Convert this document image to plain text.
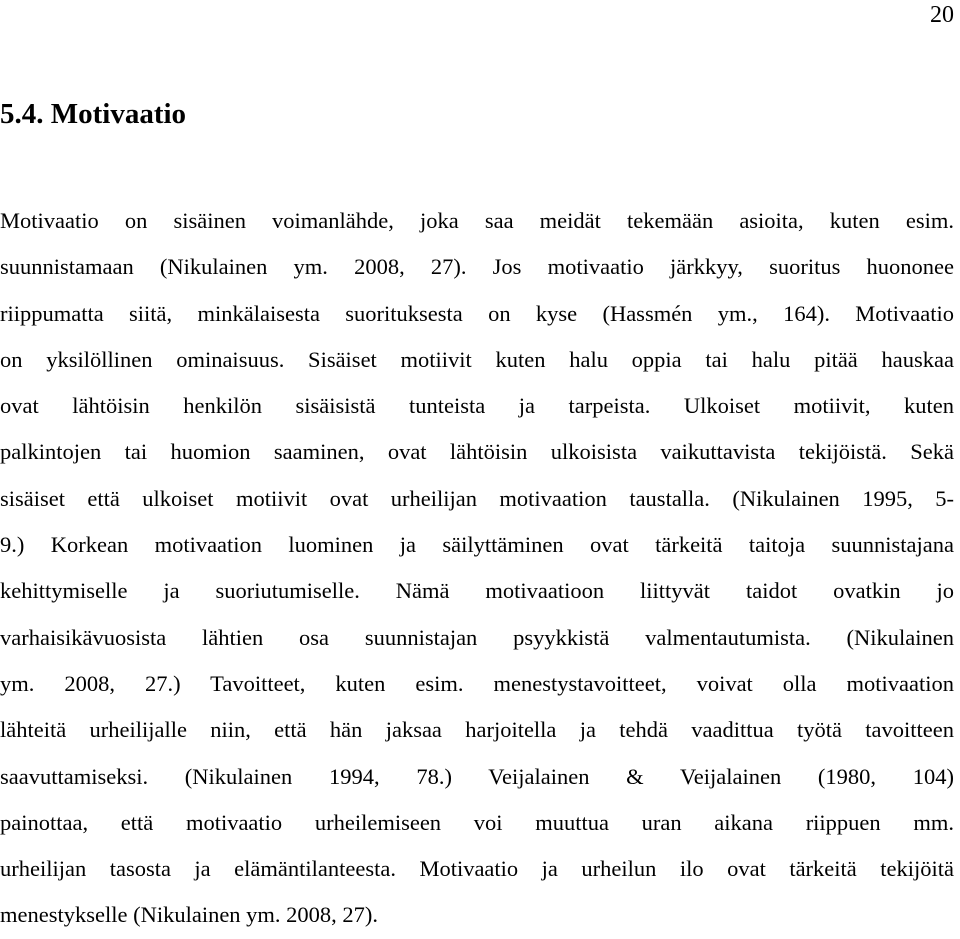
20
5.4. Motivaatio
Motivaatio on sisäinen voimanlähde, joka saa meidät tekemään asioita, kuten esim.
suunnistamaan (Nikulainen ym. 2008, 27). Jos motivaatio järkkyy, suoritus huononee
riippumatta siitä, minkälaisesta suorituksesta on kyse (Hassmén ym., 164). Motivaatio
on yksilöllinen ominaisuus. Sisäiset motiivit kuten halu oppia tai halu pitää hauskaa
ovat lähtöisin henkilön sisäisistä tunteista ja tarpeista. Ulkoiset motiivit, kuten
palkintojen tai huomion saaminen, ovat lähtöisin ulkoisista vaikuttavista tekijöistä. Sekä
sisäiset että ulkoiset motiivit ovat urheilijan motivaation taustalla. (Nikulainen 1995, 5-
9.) Korkean motivaation luominen ja säilyttäminen ovat tärkeitä taitoja suunnistajana
kehittymiselle ja suoriutumiselle. Nämä motivaatioon liittyvät taidot ovatkin jo
varhaisikävuosista lähtien osa suunnistajan psyykkistä valmentautumista. (Nikulainen
ym. 2008, 27.) Tavoitteet, kuten esim. menestystavoitteet, voivat olla motivaation
lähteitä urheilijalle niin, että hän jaksaa harjoitella ja tehdä vaadittua työtä tavoitteen
saavuttamiseksi. (Nikulainen 1994, 78.) Veijalainen & Veijalainen (1980, 104)
painottaa, että motivaatio urheilemiseen voi muuttua uran aikana riippuen mm.
urheilijan tasosta ja elämäntilanteesta. Motivaatio ja urheilun ilo ovat tärkeitä tekijöitä
menestykselle (Nikulainen ym. 2008, 27).
